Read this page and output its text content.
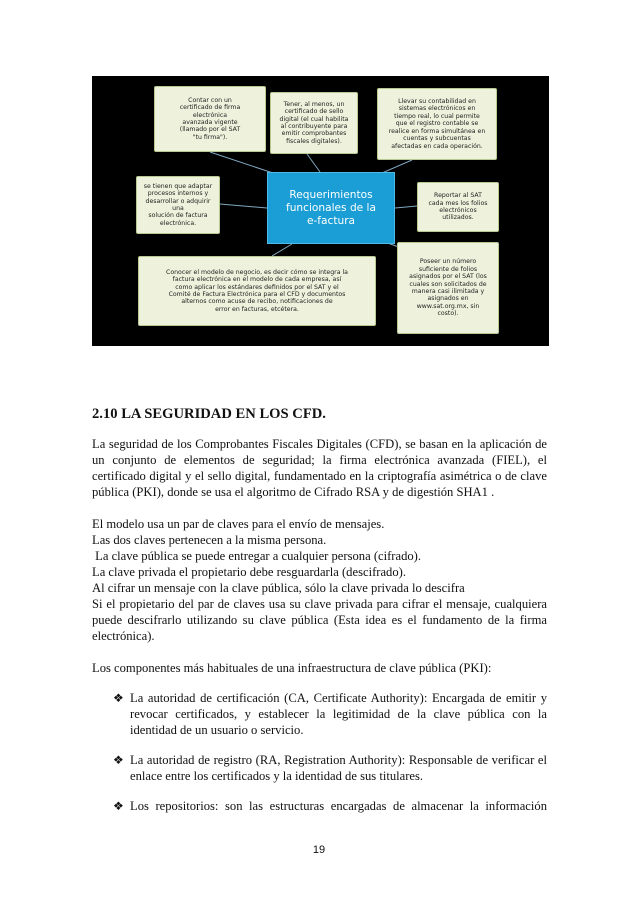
Contar con un
certificado de firma
electrónica
avanzada vigente
(llamado por el SAT
"tu firma").
Tener, al menos, un
certificado de sello
digital (el cual habilita
al contribuyente para
emitir comprobantes
fiscales digitales).
Llevar su contabilidad en
sistemas electrónicos en
tiempo real, lo cual permite
que el registro contable se
realice en forma simultánea en
cuentas y subcuentas
afectadas en cada operación.
se tienen que adaptar
procesos internos y
desarrollar o adquirir una
solución de factura
electrónica.
Requerimientos
funcionales de la
e-factura
Reportar al SAT
cada mes los folios
electrónicos
utilizados.
Conocer el modelo de negocio, es decir cómo se integra la
factura electrónica en el modelo de cada empresa, así
como aplicar los estándares definidos por el SAT y el
Comité de Factura Electrónica para el CFD y documentos
alternos como acuse de recibo, notificaciones de
error en facturas, etcétera.
Poseer un número
suficiente de folios
asignados por el SAT (los
cuales son solicitados de
manera casi ilimitada y
asignados en
www.sat.org.mx, sin
costo).
2.10 LA SEGURIDAD EN LOS CFD.
La seguridad de los Comprobantes Fiscales Digitales (CFD), se basan en la aplicación de un conjunto de elementos de seguridad; la firma electrónica avanzada (FIEL), el certificado digital y el sello digital, fundamentado en la criptografía asimétrica o de clave pública (PKI), donde se usa el algoritmo de Cifrado RSA y de digestión SHA1 .
El modelo usa un par de claves para el envío de mensajes.
Las dos claves pertenecen a la misma persona.
La clave pública se puede entregar a cualquier persona (cifrado).
La clave privada el propietario debe resguardarla (descifrado).
Al cifrar un mensaje con la clave pública, sólo la clave privada lo descifra
Si el propietario del par de claves usa su clave privada para cifrar el mensaje, cualquiera puede descifrarlo utilizando su clave pública (Esta idea es el fundamento de la firma electrónica).
Los componentes más habituales de una infraestructura de clave pública (PKI):
❖ La autoridad de certificación (CA, Certificate Authority): Encargada de emitir y revocar certificados, y establecer la legitimidad de la clave pública con la identidad de un usuario o servicio.
❖ La autoridad de registro (RA, Registration Authority): Responsable de verificar el enlace entre los certificados y la identidad de sus titulares.
❖ Los repositorios: son las estructuras encargadas de almacenar la información
19
